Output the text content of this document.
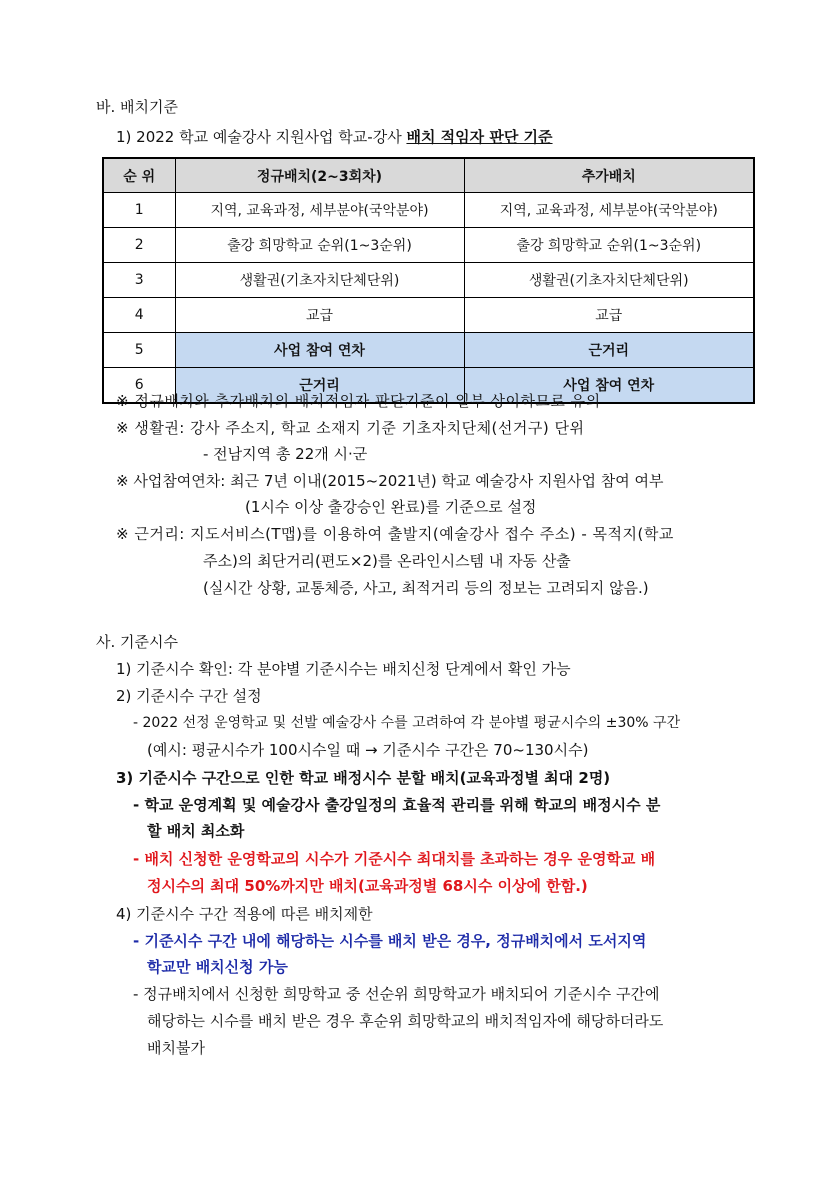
바. 배치기준
1) 2022 학교 예술강사 지원사업 학교-강사 배치 적임자 판단 기준
순 위	정규배치(2~3회차)	추가배치
1	지역, 교육과정, 세부분야(국악분야)	지역, 교육과정, 세부분야(국악분야)
2	출강 희망학교 순위(1~3순위)	출강 희망학교 순위(1~3순위)
3	생활권(기초자치단체단위)	생활권(기초자치단체단위)
4	교급	교급
5	사업 참여 연차	근거리
6	근거리	사업 참여 연차
※ 정규배치와 추가배치의 배치적임자 판단기준이 일부 상이하므로 유의
※ 생활권: 강사 주소지, 학교 소재지 기준 기초자치단체(선거구) 단위
- 전남지역 총 22개 시·군
※ 사업참여연차: 최근 7년 이내(2015~2021년) 학교 예술강사 지원사업 참여 여부
(1시수 이상 출강승인 완료)를 기준으로 설정
※ 근거리: 지도서비스(T맵)를 이용하여 출발지(예술강사 접수 주소) - 목적지(학교
주소)의 최단거리(편도×2)를 온라인시스템 내 자동 산출
(실시간 상황, 교통체증, 사고, 최적거리 등의 정보는 고려되지 않음.)
사. 기준시수
1) 기준시수 확인: 각 분야별 기준시수는 배치신청 단계에서 확인 가능
2) 기준시수 구간 설정
- 2022 선정 운영학교 및 선발 예술강사 수를 고려하여 각 분야별 평균시수의 ±30% 구간
(예시: 평균시수가 100시수일 때 → 기준시수 구간은 70~130시수)
3) 기준시수 구간으로 인한 학교 배정시수 분할 배치(교육과정별 최대 2명)
- 학교 운영계획 및 예술강사 출강일정의 효율적 관리를 위해 학교의 배정시수 분
할 배치 최소화
- 배치 신청한 운영학교의 시수가 기준시수 최대치를 초과하는 경우 운영학교 배
정시수의 최대 50%까지만 배치(교육과정별 68시수 이상에 한함.)
4) 기준시수 구간 적용에 따른 배치제한
- 기준시수 구간 내에 해당하는 시수를 배치 받은 경우, 정규배치에서 도서지역
학교만 배치신청 가능
- 정규배치에서 신청한 희망학교 중 선순위 희망학교가 배치되어 기준시수 구간에
해당하는 시수를 배치 받은 경우 후순위 희망학교의 배치적임자에 해당하더라도
배치불가
